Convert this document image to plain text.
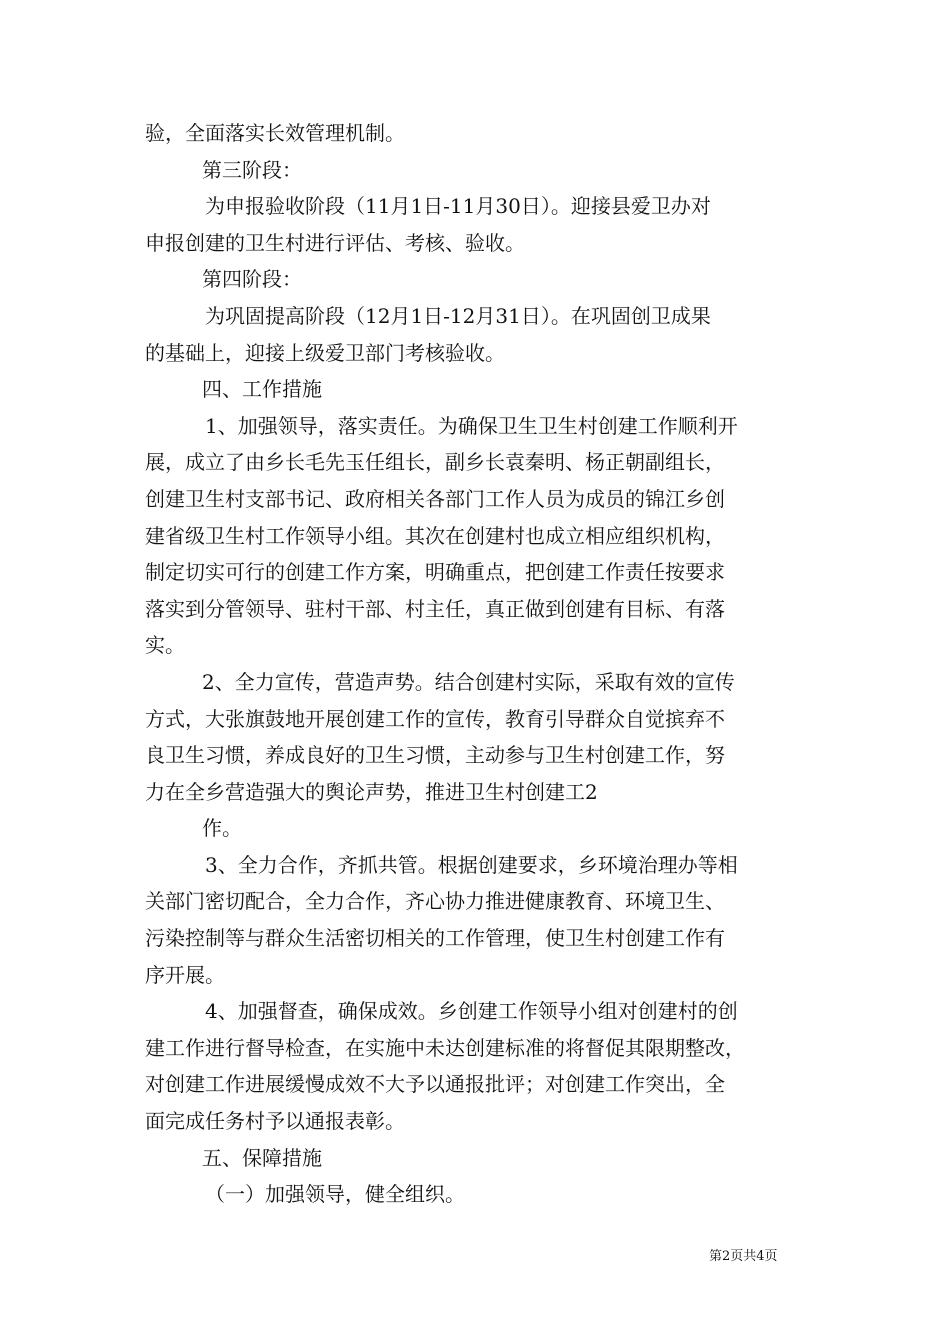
验，全面落实长效管理机制。
第三阶段：
为申报验收阶段（11月1日-11月30日）。迎接县爱卫办对
申报创建的卫生村进行评估、考核、验收。
第四阶段：
为巩固提高阶段（12月1日-12月31日）。在巩固创卫成果
的基础上，迎接上级爱卫部门考核验收。
四、工作措施
1、加强领导，落实责任。为确保卫生卫生村创建工作顺利开
展，成立了由乡长毛先玉任组长，副乡长袁秦明、杨正朝副组长，
创建卫生村支部书记、政府相关各部门工作人员为成员的锦江乡创
建省级卫生村工作领导小组。其次在创建村也成立相应组织机构，
制定切实可行的创建工作方案，明确重点，把创建工作责任按要求
落实到分管领导、驻村干部、村主任，真正做到创建有目标、有落
实。
2、全力宣传，营造声势。结合创建村实际，采取有效的宣传
方式，大张旗鼓地开展创建工作的宣传，教育引导群众自觉摈弃不
良卫生习惯，养成良好的卫生习惯，主动参与卫生村创建工作，努
力在全乡营造强大的舆论声势，推进卫生村创建工2
作。
3、全力合作，齐抓共管。根据创建要求，乡环境治理办等相
关部门密切配合，全力合作，齐心协力推进健康教育、环境卫生、
污染控制等与群众生活密切相关的工作管理，使卫生村创建工作有
序开展。
4、加强督查，确保成效。乡创建工作领导小组对创建村的创
建工作进行督导检查，在实施中未达创建标准的将督促其限期整改，
对创建工作进展缓慢成效不大予以通报批评；对创建工作突出，全
面完成任务村予以通报表彰。
五、保障措施
（一）加强领导，健全组织。
第2页共4页
